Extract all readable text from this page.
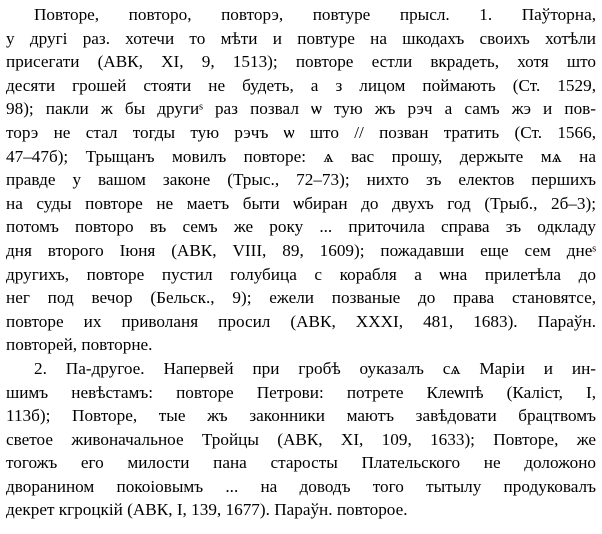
Повторе, повторо, повторэ, повтуре прысл. 1. Паўторна,
у другі раз. хотечи то мѣти и повтуре на шкодахъ своихъ хотѣли
присегати (АВК, XI, 9, 1513); повторе естли вкрадеть, хотя што
десяти грошей стояти не будеть, а з лицом поймають (Ст. 1529,
98); пакли ж бы другиˢ раз позвал ѡ тую жъ рэч а самъ жэ и пов-
торэ не стал тогды тую рэчъ ѡ што // позван тратить (Ст. 1566,
47–47б); Трыщанъ мовилъ повторе: ѧ вас прошу, держыте мѧ на
правде у вашом законе (Трыс., 72–73); нихто зъ електов першихъ
на суды повторе не маетъ быти ѡбиран до двухъ год (Трыб., 2б–3);
потомъ повторо въ семъ же року ... приточила справа зъ одкладу
дня второго Іюня (АВК, VIII, 89, 1609); пожадавши еще сем днеˢ
другихъ, повторе пустил голубица с корабля а ѡна прилетѣла до
нег под вечор (Бельск., 9); ежели позваные до права становятсе,
повторе их приволаня просил (АВК, XXXI, 481, 1683). Параўн.
повторей, повторне.
2. Па-другое. Напервей при гробѣ оуказалъ сѧ Маріи и ин-
шимъ невѣстамъ: повторе Петрови: потрете Клеѡпѣ (Каліст, I,
113б); Повторе, тые жъ законники маютъ завѣдовати брацтвомъ
светое живоначальное Тройцы (АВК, XI, 109, 1633); Повторе, же
тогожъ его милости пана старосты Плательского не доложоно
дворанином покоіовымъ ... на доводъ того тытылу продуковалъ
декрет кгроцкій (АВК, I, 139, 1677). Параўн. повторое.
